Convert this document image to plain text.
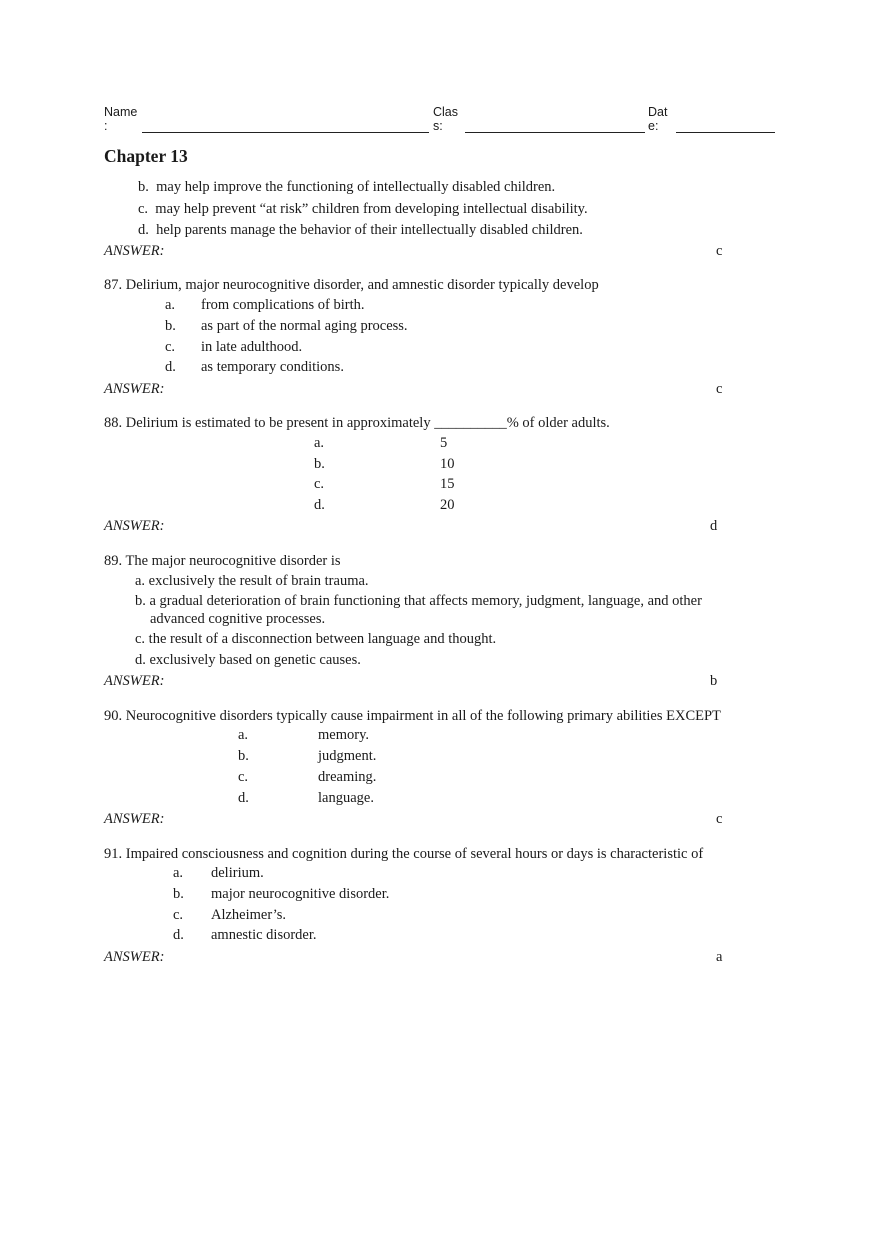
Name
:
Clas
s:
Dat
e:
Chapter 13
b.  may help improve the functioning of intellectually disabled children.
c.  may help prevent “at risk” children from developing intellectual disability.
d.  help parents manage the behavior of their intellectually disabled children.
ANSWER:	c
87. Delirium, major neurocognitive disorder, and amnestic disorder typically develop
a. from complications of birth.
b. as part of the normal aging process.
c. in late adulthood.
d. as temporary conditions.
ANSWER:	c
88. Delirium is estimated to be present in approximately __________% of older adults.
a.	5
b.	10
c.	15
d.	20
ANSWER:	d
89. The major neurocognitive disorder is
a. exclusively the result of brain trauma.
b. a gradual deterioration of brain functioning that affects memory, judgment, language, and other
advanced cognitive processes.
c. the result of a disconnection between language and thought.
d. exclusively based on genetic causes.
ANSWER:	b
90. Neurocognitive disorders typically cause impairment in all of the following primary abilities EXCEPT
a.	memory.
b.	judgment.
c.	dreaming.
d.	language.
ANSWER:	c
91. Impaired consciousness and cognition during the course of several hours or days is characteristic of
a. delirium.
b. major neurocognitive disorder.
c. Alzheimer’s.
d. amnestic disorder.
ANSWER:	a
